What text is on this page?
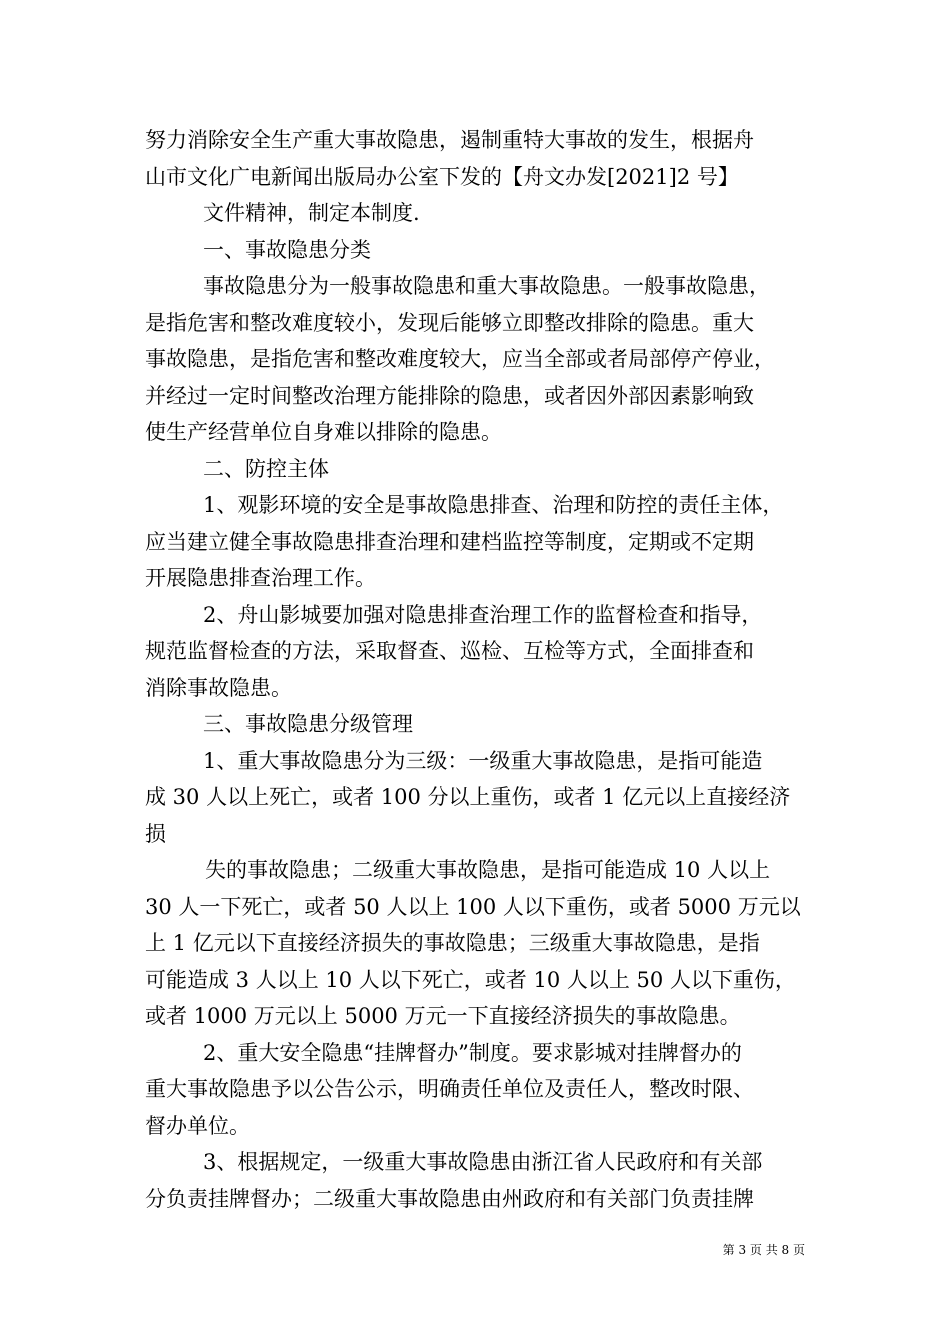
努力消除安全生产重大事故隐患，遏制重特大事故的发生，根据舟
山市文化广电新闻出版局办公室下发的【舟文办发[2021]2 号】
文件精神，制定本制度.
一、事故隐患分类
事故隐患分为一般事故隐患和重大事故隐患。一般事故隐患，
是指危害和整改难度较小，发现后能够立即整改排除的隐患。重大
事故隐患，是指危害和整改难度较大，应当全部或者局部停产停业，
并经过一定时间整改治理方能排除的隐患，或者因外部因素影响致
使生产经营单位自身难以排除的隐患。
二、防控主体
1、观影环境的安全是事故隐患排查、治理和防控的责任主体，
应当建立健全事故隐患排查治理和建档监控等制度，定期或不定期
开展隐患排查治理工作。
2、舟山影城要加强对隐患排查治理工作的监督检查和指导，
规范监督检查的方法，采取督查、巡检、互检等方式，全面排查和
消除事故隐患。
三、事故隐患分级管理
1、重大事故隐患分为三级：一级重大事故隐患，是指可能造
成 30 人以上死亡，或者 100 分以上重伤，或者 1 亿元以上直接经济
损
失的事故隐患；二级重大事故隐患，是指可能造成 10 人以上
30 人一下死亡，或者 50 人以上 100 人以下重伤，或者 5000 万元以
上 1 亿元以下直接经济损失的事故隐患；三级重大事故隐患，是指
可能造成 3 人以上 10 人以下死亡，或者 10 人以上 50 人以下重伤，
或者 1000 万元以上 5000 万元一下直接经济损失的事故隐患。
2、重大安全隐患“挂牌督办”制度。要求影城对挂牌督办的
重大事故隐患予以公告公示，明确责任单位及责任人，整改时限、
督办单位。
3、根据规定，一级重大事故隐患由浙江省人民政府和有关部
分负责挂牌督办；二级重大事故隐患由州政府和有关部门负责挂牌
第 3 页 共 8 页
